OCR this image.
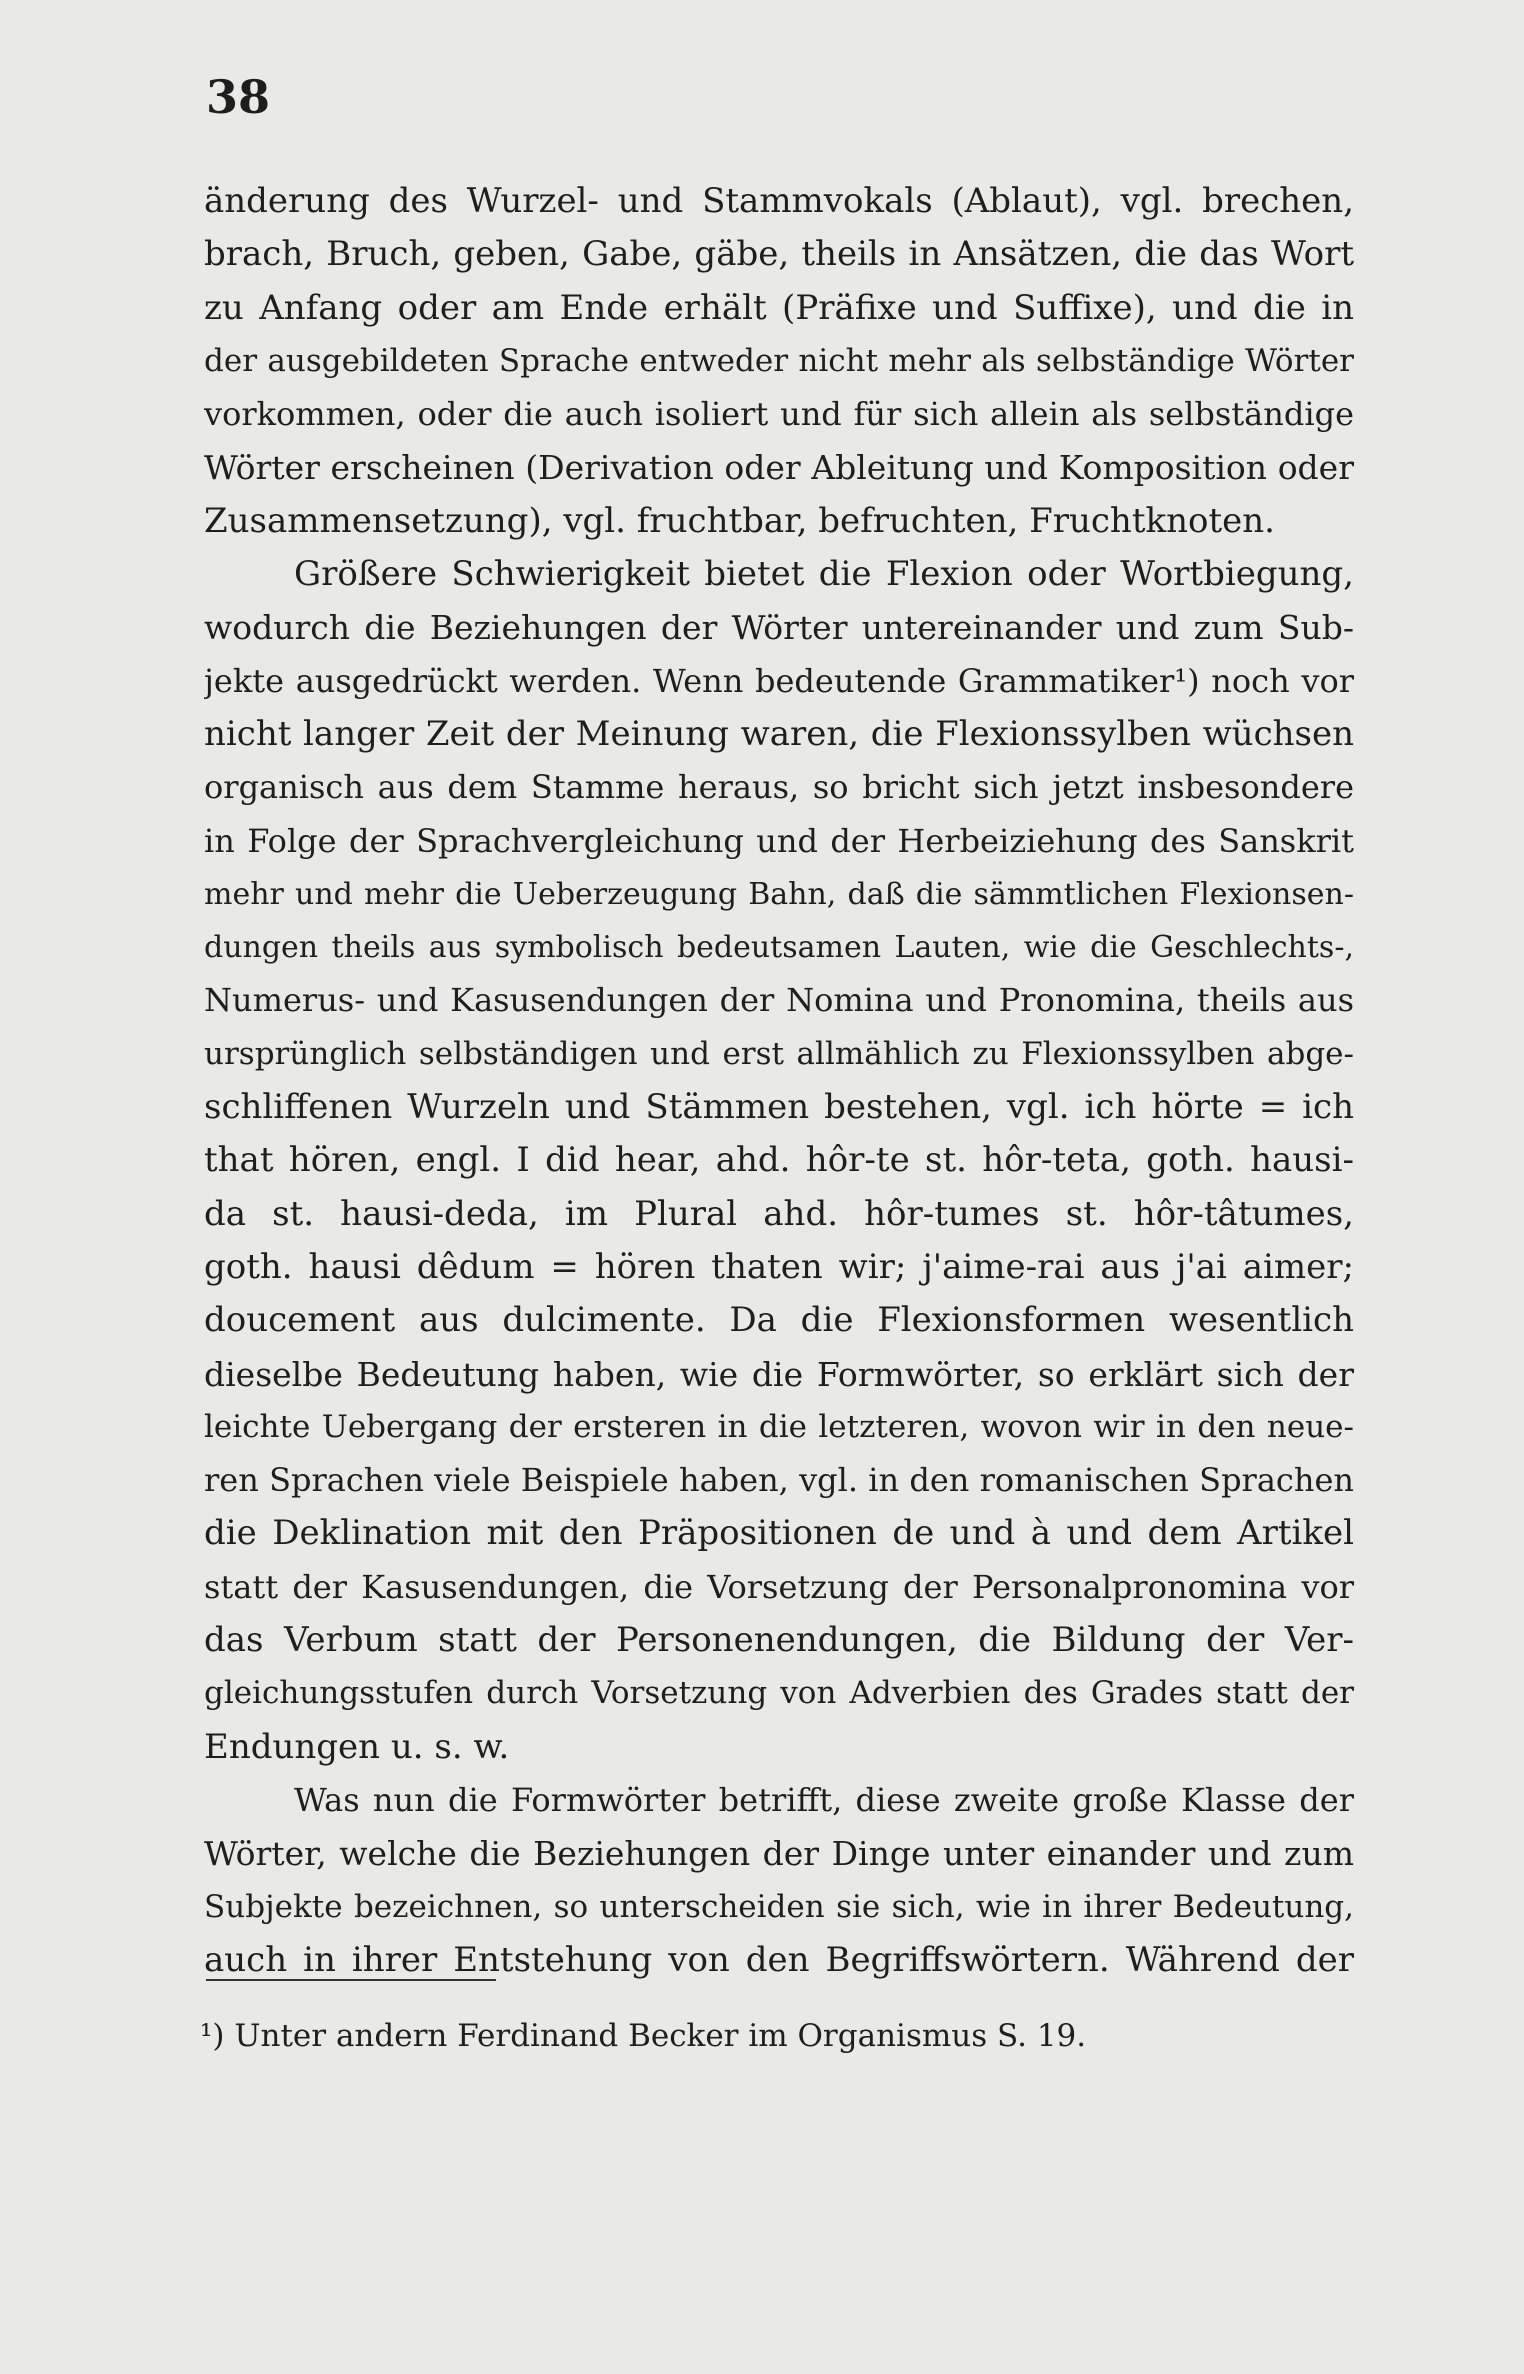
38
änderung des Wurzel- und Stammvokals (Ablaut), vgl. brechen,
brach, Bruch, geben, Gabe, gäbe, theils in Ansätzen, die das Wort
zu Anfang oder am Ende erhält (Präfixe und Suffixe), und die in
der ausgebildeten Sprache entweder nicht mehr als selbständige Wörter
vorkommen, oder die auch isoliert und für sich allein als selbständige
Wörter erscheinen (Derivation oder Ableitung und Komposition oder
Zusammensetzung), vgl. fruchtbar, befruchten, Fruchtknoten.
Größere Schwierigkeit bietet die Flexion oder Wortbiegung,
wodurch die Beziehungen der Wörter untereinander und zum Sub-
jekte ausgedrückt werden. Wenn bedeutende Grammatiker¹) noch vor
nicht langer Zeit der Meinung waren, die Flexionssylben wüchsen
organisch aus dem Stamme heraus, so bricht sich jetzt insbesondere
in Folge der Sprachvergleichung und der Herbeiziehung des Sanskrit
mehr und mehr die Ueberzeugung Bahn, daß die sämmtlichen Flexionsen-
dungen theils aus symbolisch bedeutsamen Lauten, wie die Geschlechts-,
Numerus- und Kasusendungen der Nomina und Pronomina, theils aus
ursprünglich selbständigen und erst allmählich zu Flexionssylben abge-
schliffenen Wurzeln und Stämmen bestehen, vgl. ich hörte = ich
that hören, engl. I did hear, ahd. hôr-te st. hôr-teta, goth. hausi-
da st. hausi-deda, im Plural ahd. hôr-tumes st. hôr-tâtumes,
goth. hausi dêdum = hören thaten wir; j'aime-rai aus j'ai aimer;
doucement aus dulcimente. Da die Flexionsformen wesentlich
dieselbe Bedeutung haben, wie die Formwörter, so erklärt sich der
leichte Uebergang der ersteren in die letzteren, wovon wir in den neue-
ren Sprachen viele Beispiele haben, vgl. in den romanischen Sprachen
die Deklination mit den Präpositionen de und à und dem Artikel
statt der Kasusendungen, die Vorsetzung der Personalpronomina vor
das Verbum statt der Personenendungen, die Bildung der Ver-
gleichungsstufen durch Vorsetzung von Adverbien des Grades statt der
Endungen u. s. w.
Was nun die Formwörter betrifft, diese zweite große Klasse der
Wörter, welche die Beziehungen der Dinge unter einander und zum
Subjekte bezeichnen, so unterscheiden sie sich, wie in ihrer Bedeutung,
auch in ihrer Entstehung von den Begriffswörtern. Während der
¹) Unter andern Ferdinand Becker im Organismus S. 19.
